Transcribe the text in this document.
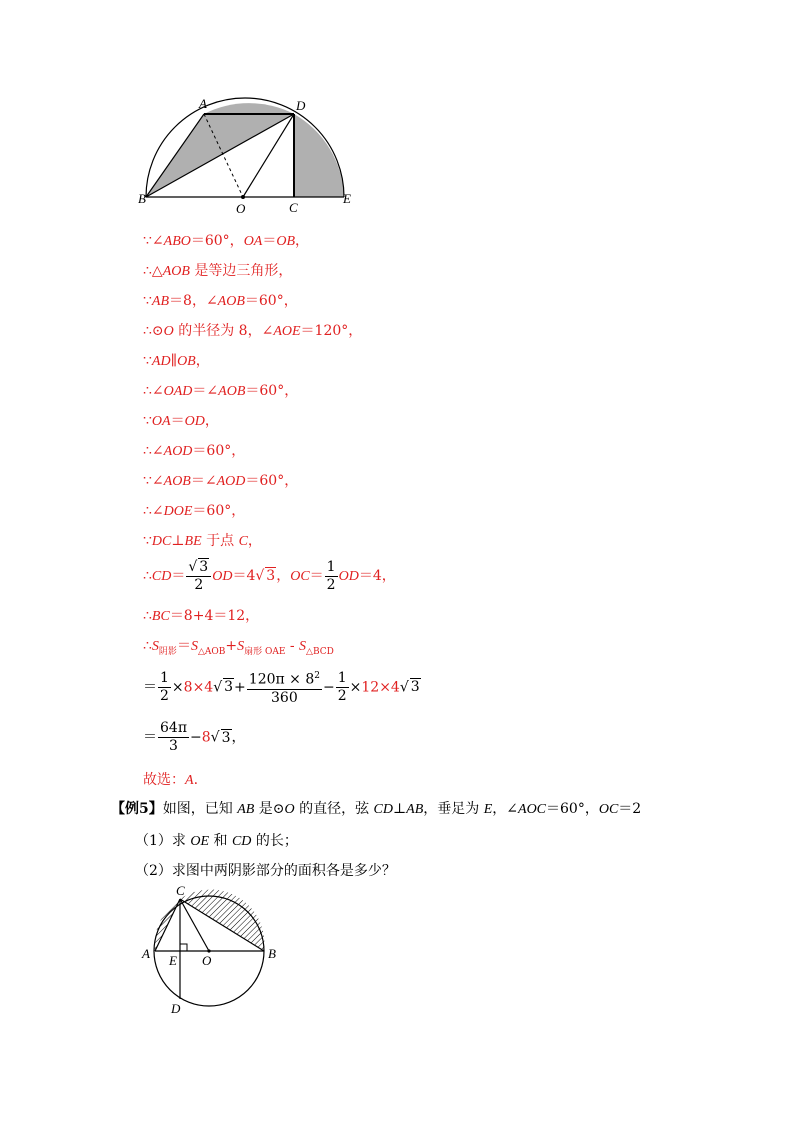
A	D
B
O	C
E
∵∠ABO＝60°，OA＝OB，
∴△AOB 是等边三角形，
∵AB＝8，∠AOB＝60°，
∴⊙O 的半径为 8，∠AOE＝120°，
∵AD∥OB，
∴∠OAD＝∠AOB＝60°，
∵OA＝OD，
∴∠AOD＝60°，
∵∠AOB＝∠AOD＝60°，
∴∠DOE＝60°，
∵DC⊥BE 于点 C，
∴CD＝ $\frac{√ 3}{2} OD=4√$ 3，$OC= \frac{1}{2} OD=4$，
∴BC＝8+4＝12，
$\therefore S_{阴影}=S_{\triangle AOB}+S_{扇形 OAE} - S_{\triangle BCD}$
＝ $\frac{1}{2} \times 8\times 4√$ $3+ \frac{120\pi \times 8^2}{360} - \frac{1}{2} \times 12\times 4√$ 3
＝ $\frac{64\pi}{3} -8√$ 3，
故选：A.
【例5】如图，已知 AB 是⊙O 的直径，弦 CD⊥AB，垂足为 E，∠AOC＝60°，OC＝2
（1）求 OE 和 CD 的长；
（2）求图中两阴影部分的面积各是多少？
C
A E O	B
D
